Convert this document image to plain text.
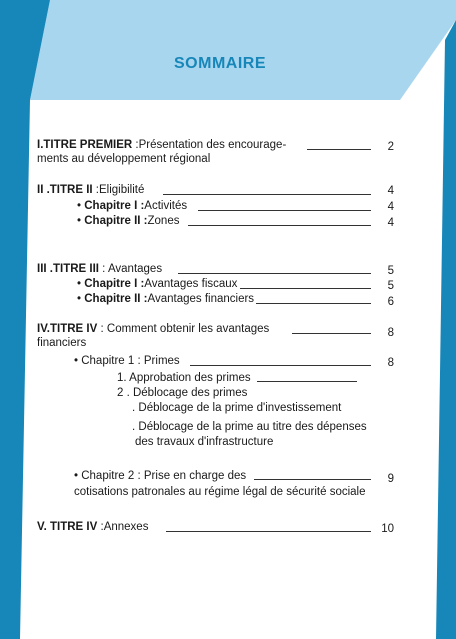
SOMMAIRE
I.TITRE PREMIER :Présentation des encourage-	2
ments au développement régional
II .TITRE II :Eligibilité	4
• Chapitre I :Activités	4
• Chapitre II :Zones	4
III .TITRE III : Avantages	5
• Chapitre I :Avantages fiscaux	5
• Chapitre II :Avantages financiers	6
IV.TITRE IV : Comment obtenir les avantages	8
financiers
• Chapitre 1 : Primes	8
1. Approbation des primes
2 . Déblocage des primes
. Déblocage de la prime d'investissement
. Déblocage de la prime au titre des dépenses
des travaux d'infrastructure
• Chapitre 2 : Prise en charge des	9
cotisations patronales au régime légal de sécurité sociale
V. TITRE IV :Annexes	10
